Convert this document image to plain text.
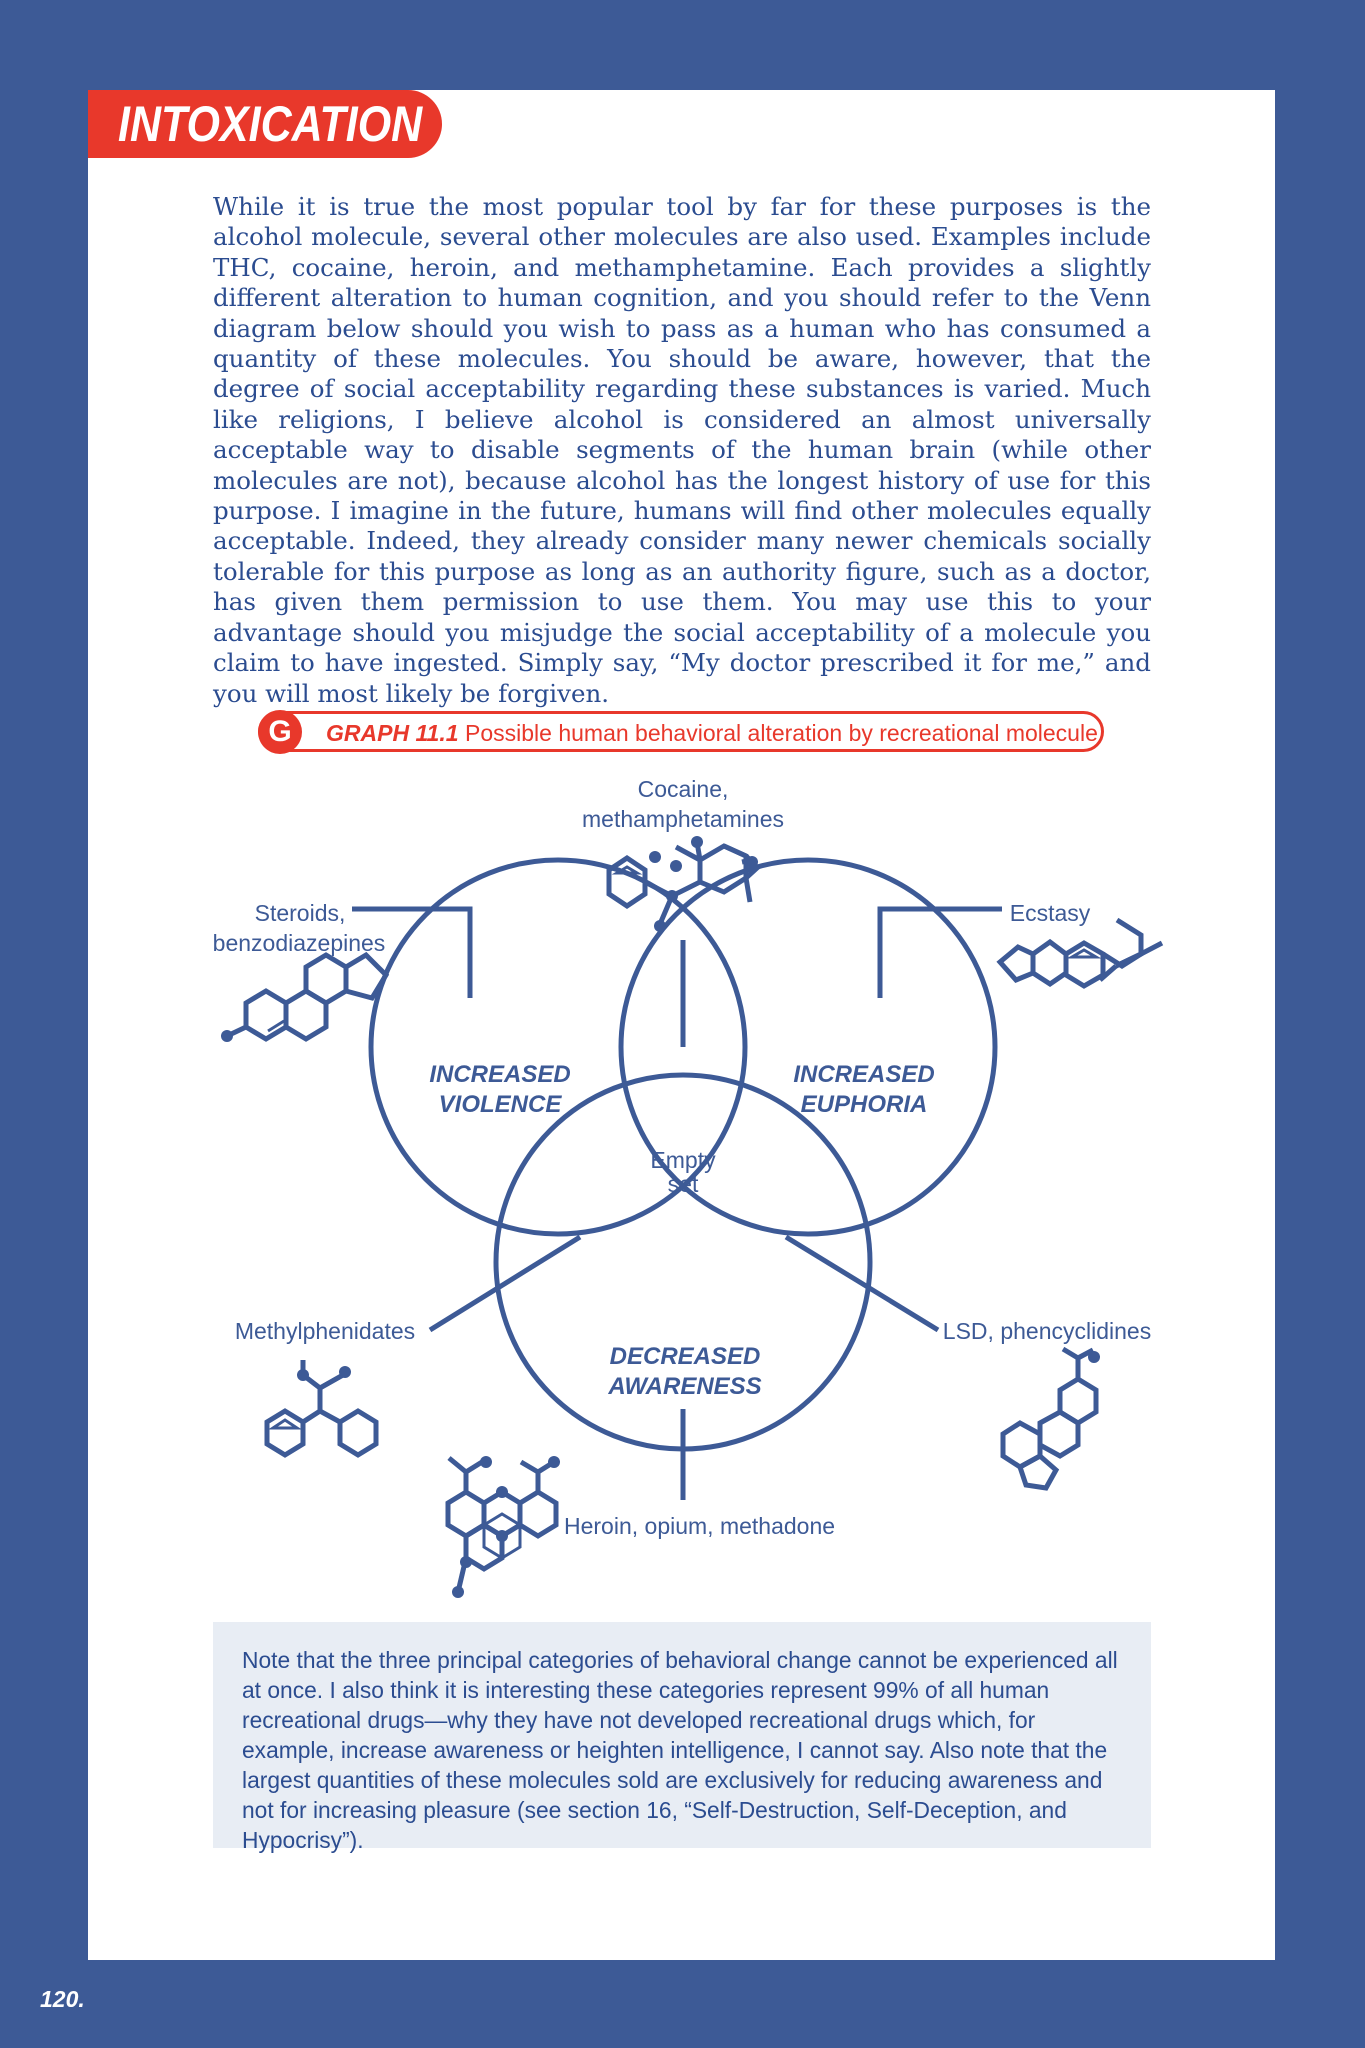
INTOXICATION

While it is true the most popular tool by far for these purposes is the alcohol molecule, several other molecules are also used. Examples include THC, cocaine, heroin, and methamphetamine. Each provides a slightly different alteration to human cognition, and you should refer to the Venn diagram below should you wish to pass as a human who has consumed a quantity of these molecules. You should be aware, however, that the degree of social acceptability regarding these substances is varied. Much like religions, I believe alcohol is considered an almost universally acceptable way to disable segments of the human brain (while other molecules are not), because alcohol has the longest history of use for this purpose. I imagine in the future, humans will find other molecules equally acceptable. Indeed, they already consider many newer chemicals socially tolerable for this purpose as long as an authority figure, such as a doctor, has given them permission to use them. You may use this to your advantage should you misjudge the social acceptability of a molecule you claim to have ingested. Simply say, “My doctor prescribed it for me,” and you will most likely be forgiven.

G	GRAPH 11.1 Possible human behavioral alteration by recreational molecule
INCREASED
VIOLENCE
INCREASED
EUPHORIA
DECREASED
AWARENESS
Empty
set
Cocaine,
methamphetamines
Steroids,
benzodiazepines
Ecstasy
Methylphenidates	LSD, phencyclidines
Heroin, opium, methadone

Note that the three principal categories of behavioral change cannot be experienced all at once. I also think it is interesting these categories represent 99% of all human recreational drugs—why they have not developed recreational drugs which, for example, increase awareness or heighten intelligence, I cannot say. Also note that the largest quantities of these molecules sold are exclusively for reducing awareness and not for increasing pleasure (see section 16, “Self-Destruction, Self-Deception, and Hypocrisy”).

120.
